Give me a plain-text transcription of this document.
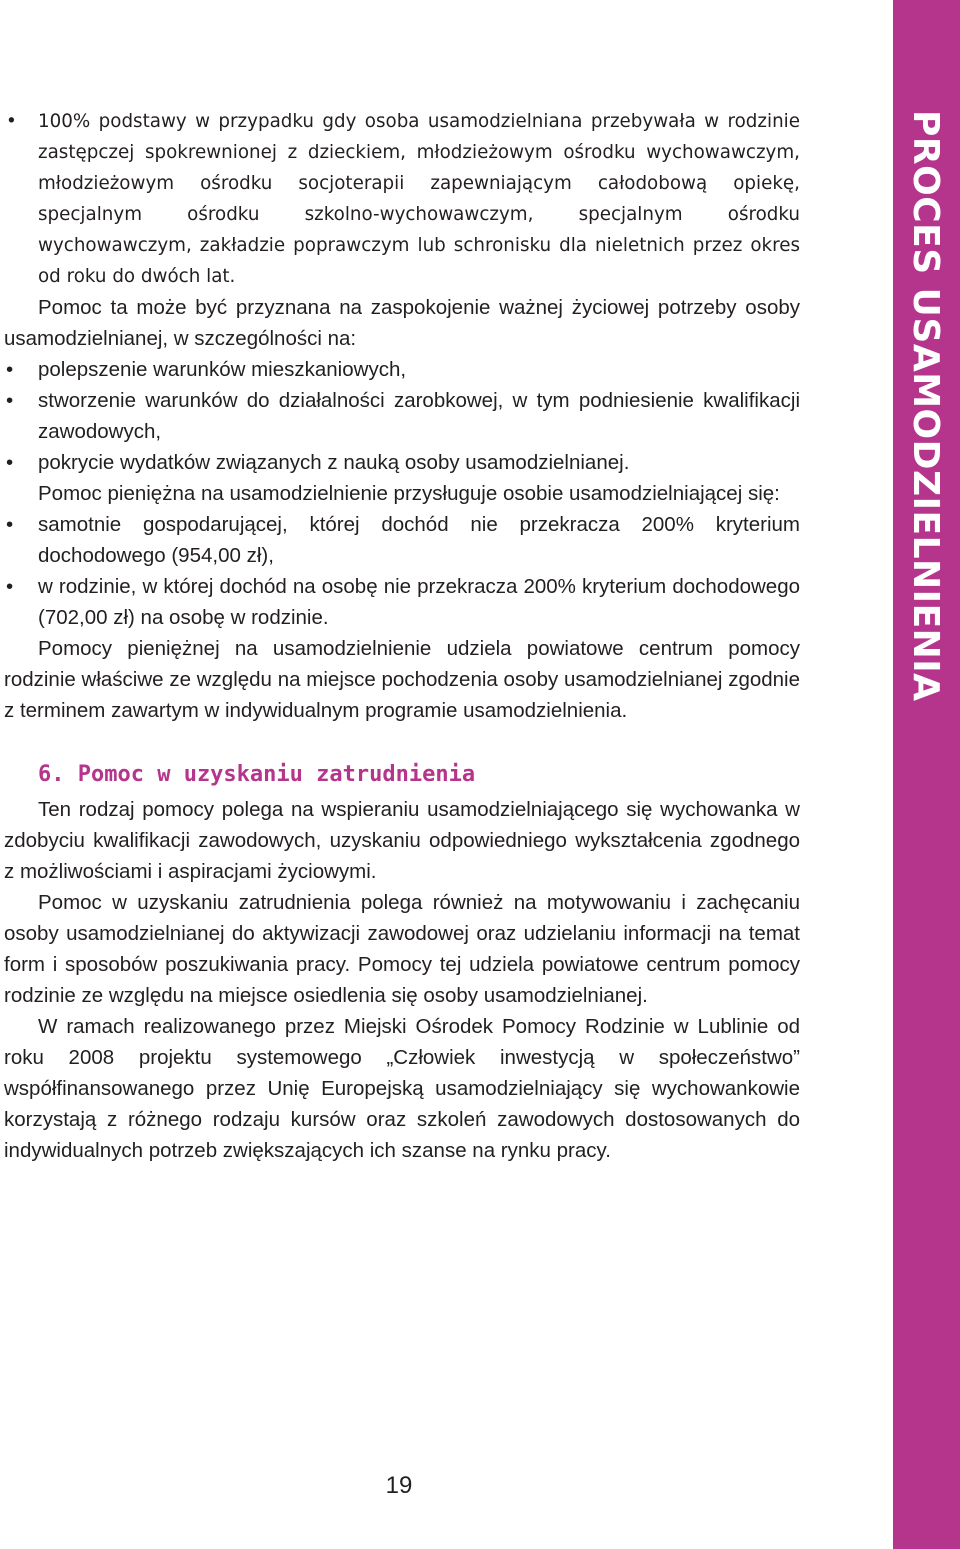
PROCES USAMODZIELNIENIA
• 100% podstawy w przypadku gdy osoba usamodzielniana przebywała w rodzinie zastępczej spokrewnionej z dzieckiem, młodzieżowym ośrodku wychowawczym, młodzieżowym ośrodku socjoterapii zapewniającym całodobową opiekę, specjalnym ośrodku szkolno-wychowawczym, specjalnym ośrodku wychowawczym, zakładzie poprawczym lub schronisku dla nieletnich przez okres od roku do dwóch lat.

Pomoc ta może być przyznana na zaspokojenie ważnej życiowej potrzeby osoby usamodzielnianej, w szczególności na:

• polepszenie warunków mieszkaniowych,
• stworzenie warunków do działalności zarobkowej, w tym podniesienie kwalifikacji zawodowych,
• pokrycie wydatków związanych z nauką osoby usamodzielnianej.

Pomoc pieniężna na usamodzielnienie przysługuje osobie usamodzielniającej się:

• samotnie gospodarującej, której dochód nie przekracza 200% kryterium dochodowego (954,00 zł),
• w rodzinie, w której dochód na osobę nie przekracza 200% kryterium dochodowego (702,00 zł) na osobę w rodzinie.

Pomocy pieniężnej na usamodzielnienie udziela powiatowe centrum pomocy rodzinie właściwe ze względu na miejsce pochodzenia osoby usamodzielnianej zgodnie z terminem zawartym w indywidualnym programie usamodzielnienia.

6. Pomoc w uzyskaniu zatrudnienia

Ten rodzaj pomocy polega na wspieraniu usamodzielniającego się wychowanka w zdobyciu kwalifikacji zawodowych, uzyskaniu odpowiedniego wykształcenia zgodnego z możliwościami i aspiracjami życiowymi.

Pomoc w uzyskaniu zatrudnienia polega również na motywowaniu i zachęcaniu osoby usamodzielnianej do aktywizacji zawodowej oraz udzielaniu informacji na temat form i sposobów poszukiwania pracy. Pomocy tej udziela powiatowe centrum pomocy rodzinie ze względu na miejsce osiedlenia się osoby usamodzielnianej.

W ramach realizowanego przez Miejski Ośrodek Pomocy Rodzinie w Lublinie od roku 2008 projektu systemowego „Człowiek inwestycją w społeczeństwo” współfinansowanego przez Unię Europejską usamodzielniający się wychowankowie korzystają z różnego rodzaju kursów oraz szkoleń zawodowych dostosowanych do indywidualnych potrzeb zwiększających ich szanse na rynku pracy.

19
